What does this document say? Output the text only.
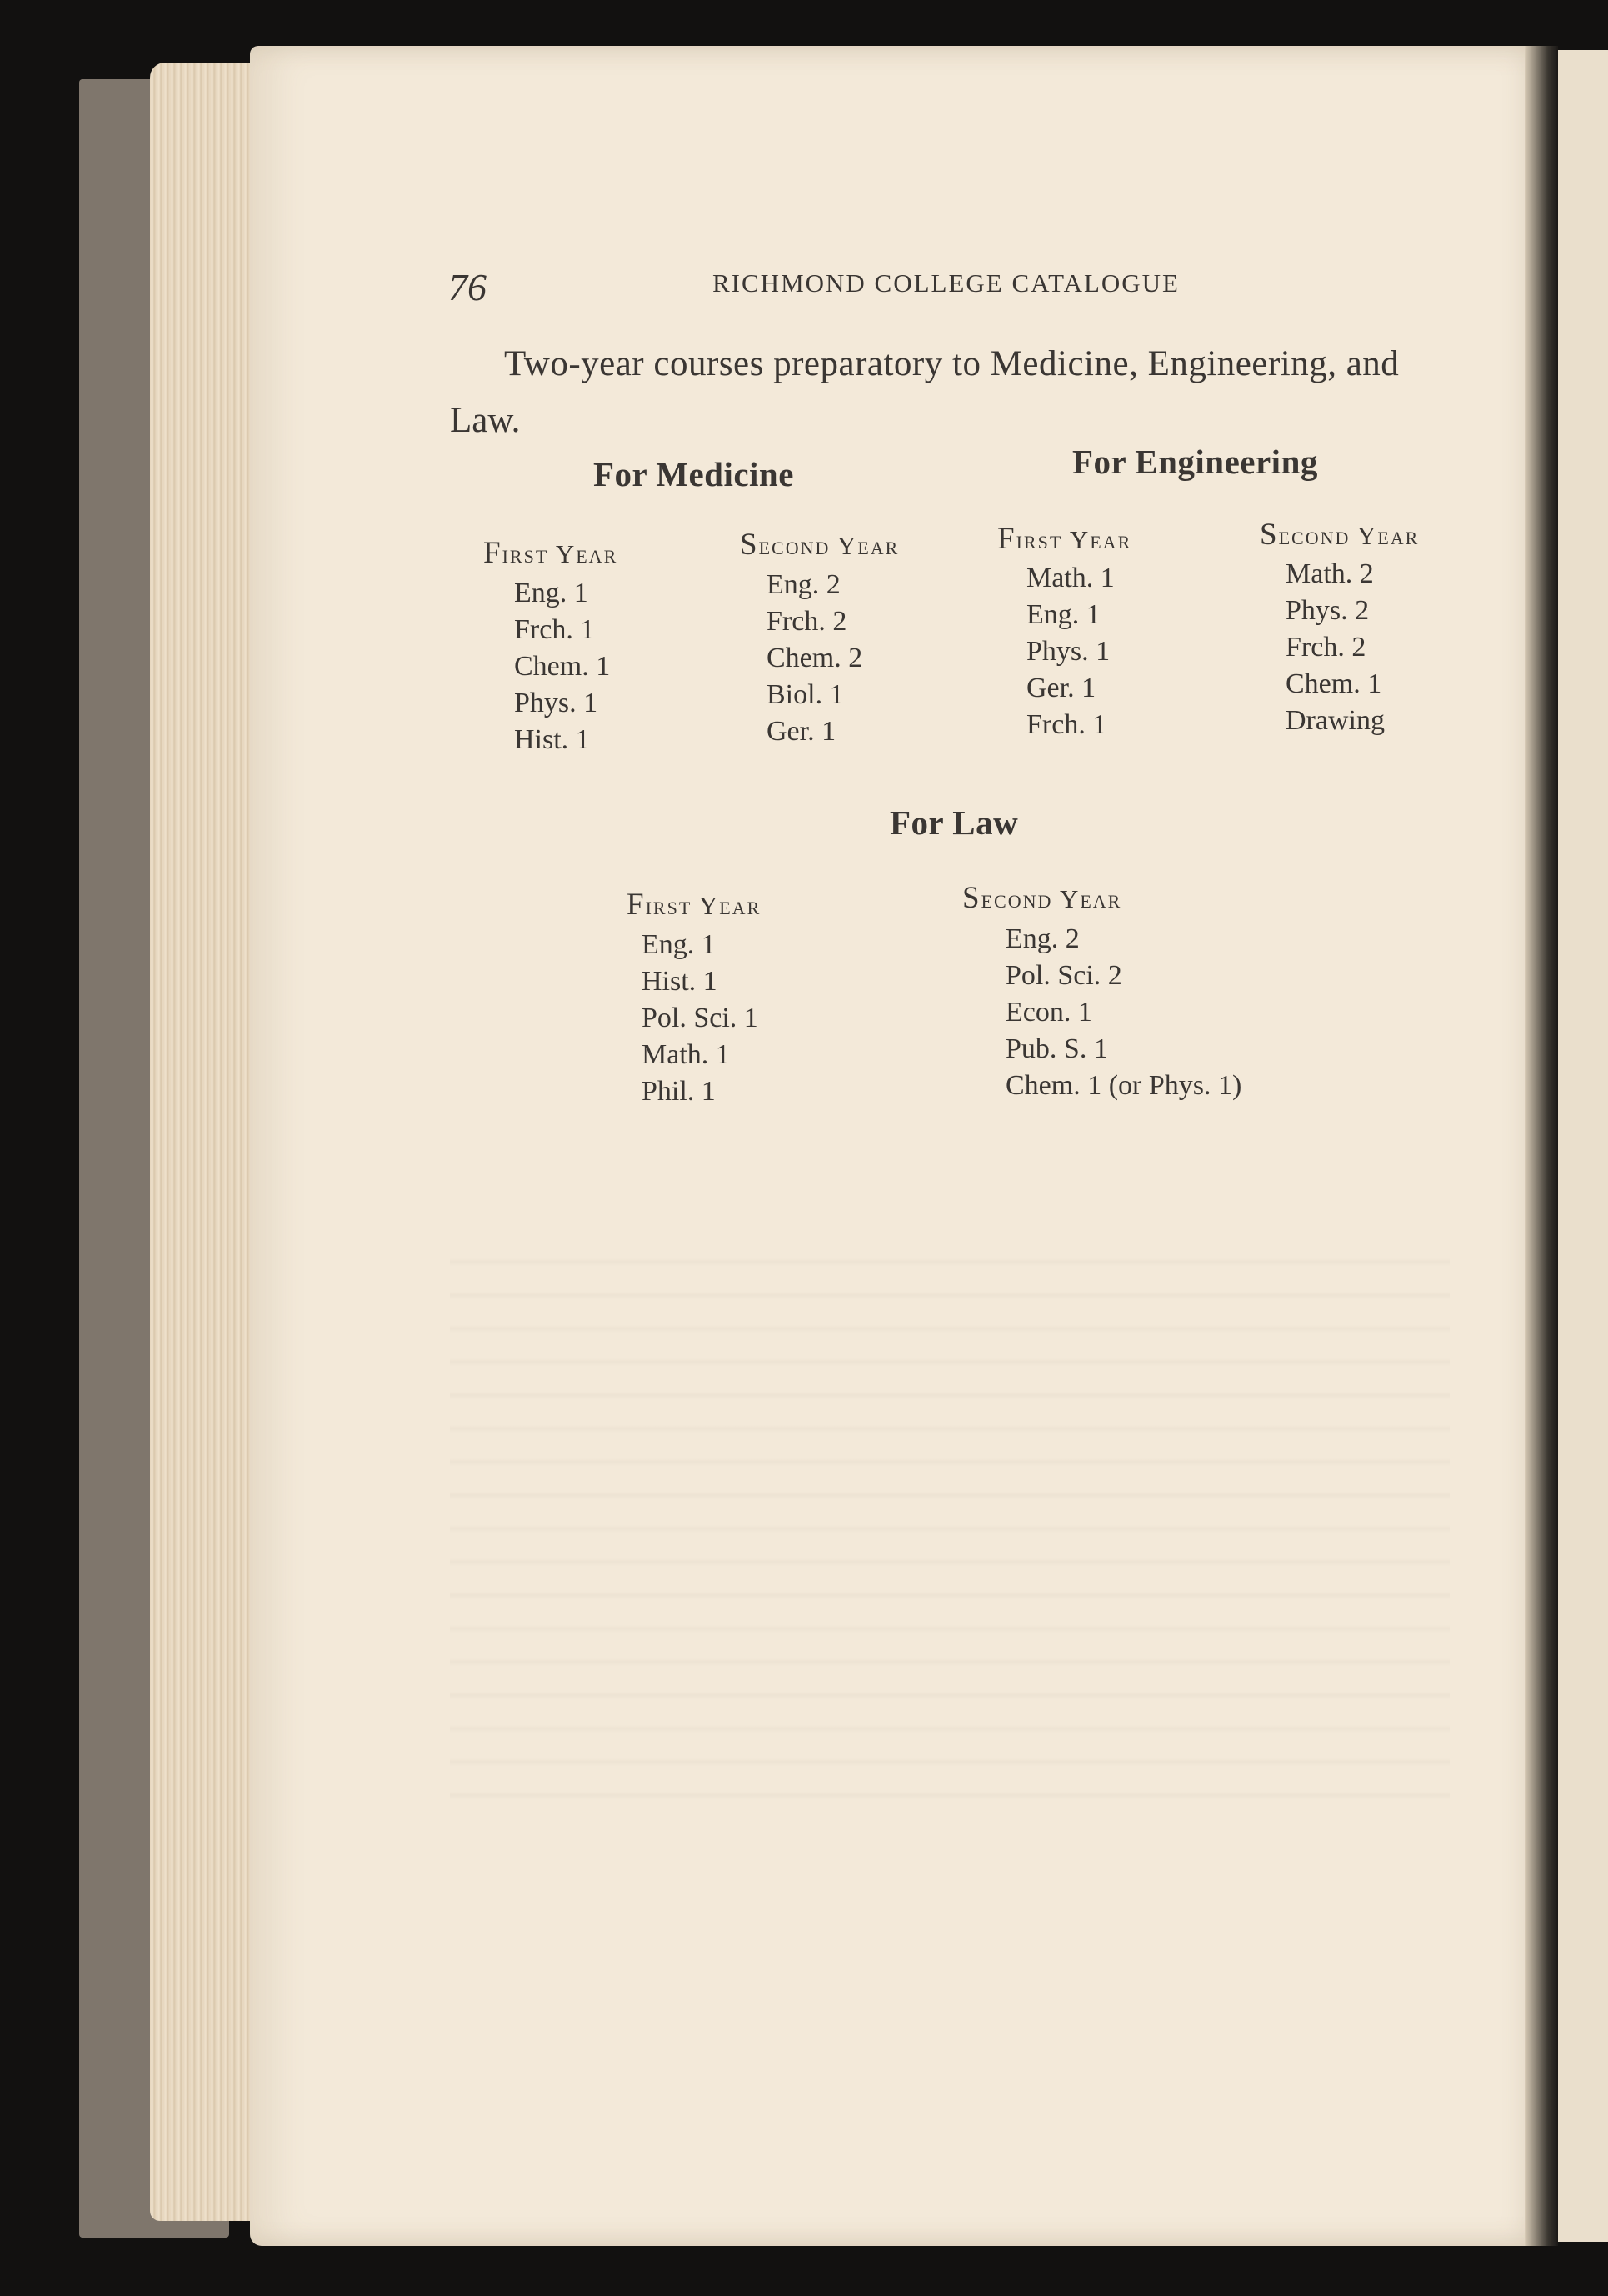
76	RICHMOND COLLEGE CATALOGUE
Two-year courses preparatory to Medicine, Engineering, and
Law.
For Medicine	For Engineering
First Year
Eng. 1
Frch. 1
Chem. 1
Phys. 1
Hist. 1
Second Year
Eng. 2
Frch. 2
Chem. 2
Biol. 1
Ger. 1
First Year
Math. 1
Eng. 1
Phys. 1
Ger. 1
Frch. 1
Second Year
Math. 2
Phys. 2
Frch. 2
Chem. 1
Drawing
For Law
First Year
Eng. 1
Hist. 1
Pol. Sci. 1
Math. 1
Phil. 1
Second Year
Eng. 2
Pol. Sci. 2
Econ. 1
Pub. S. 1
Chem. 1 (or Phys. 1)
